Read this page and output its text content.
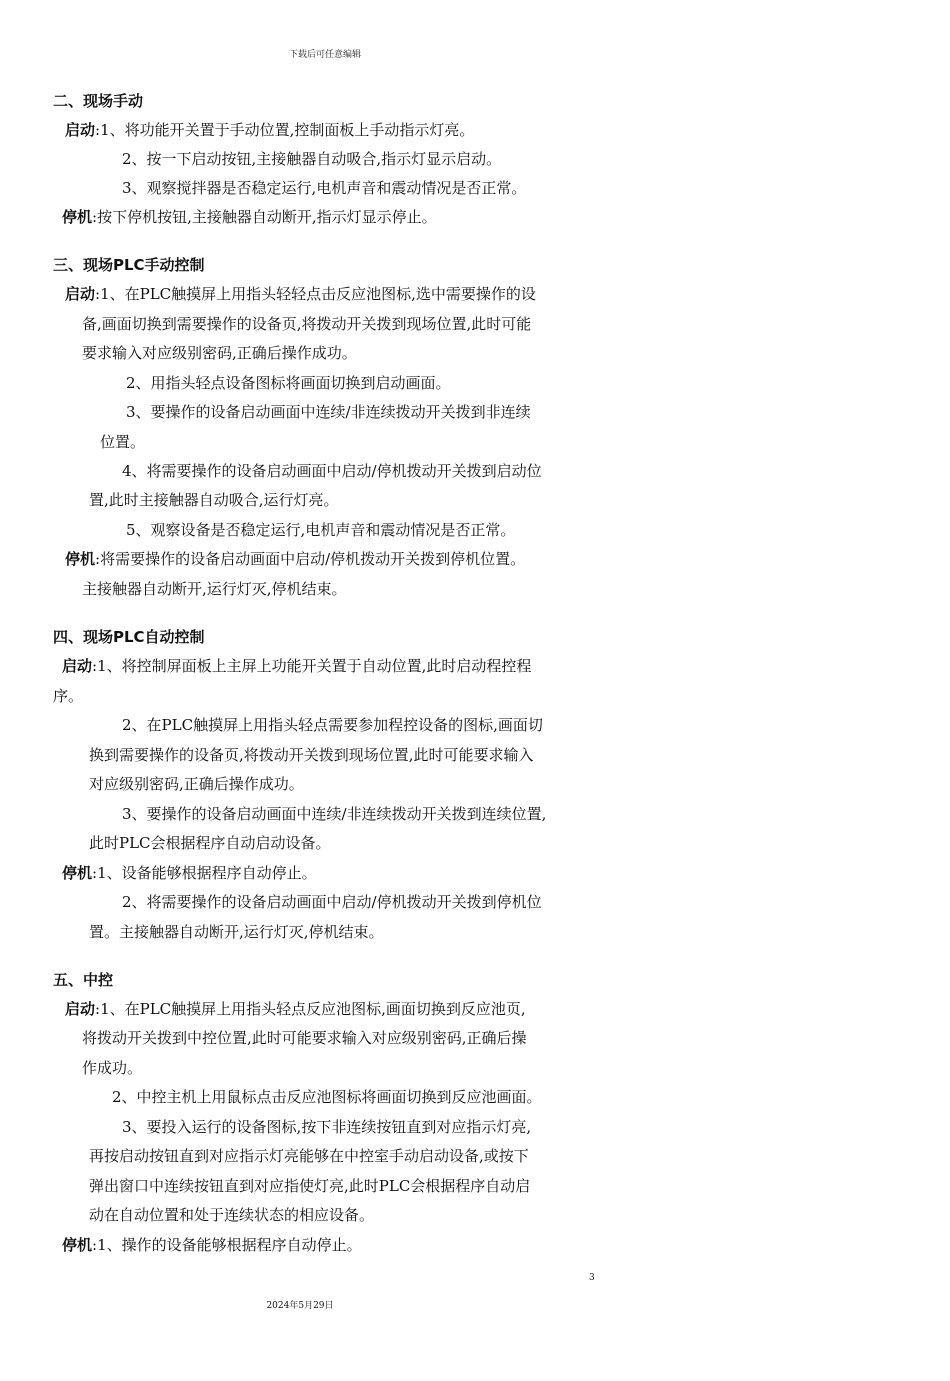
下载后可任意编辑
二、现场手动
启动:1、将功能开关置于手动位置,控制面板上手动指示灯亮。
2、按一下启动按钮,主接触器自动吸合,指示灯显示启动。
3、观察搅拌器是否稳定运行,电机声音和震动情况是否正常。
停机:按下停机按钮,主接触器自动断开,指示灯显示停止。
三、现场PLC手动控制
启动:1、在PLC触摸屏上用指头轻轻点击反应池图标,选中需要操作的设
备,画面切换到需要操作的设备页,将拨动开关拨到现场位置,此时可能
要求输入对应级别密码,正确后操作成功。
2、用指头轻点设备图标将画面切换到启动画面。
3、要操作的设备启动画面中连续/非连续拨动开关拨到非连续
位置。
4、将需要操作的设备启动画面中启动/停机拨动开关拨到启动位
置,此时主接触器自动吸合,运行灯亮。
5、观察设备是否稳定运行,电机声音和震动情况是否正常。
停机:将需要操作的设备启动画面中启动/停机拨动开关拨到停机位置。
主接触器自动断开,运行灯灭,停机结束。
四、现场PLC自动控制
启动:1、将控制屏面板上主屏上功能开关置于自动位置,此时启动程控程
序。
2、在PLC触摸屏上用指头轻点需要参加程控设备的图标,画面切
换到需要操作的设备页,将拨动开关拨到现场位置,此时可能要求输入
对应级别密码,正确后操作成功。
3、要操作的设备启动画面中连续/非连续拨动开关拨到连续位置,
此时PLC会根据程序自动启动设备。
停机:1、设备能够根据程序自动停止。
2、将需要操作的设备启动画面中启动/停机拨动开关拨到停机位
置。主接触器自动断开,运行灯灭,停机结束。
五、中控
启动:1、在PLC触摸屏上用指头轻点反应池图标,画面切换到反应池页,
将拨动开关拨到中控位置,此时可能要求输入对应级别密码,正确后操
作成功。
2、中控主机上用鼠标点击反应池图标将画面切换到反应池画面。
3、要投入运行的设备图标,按下非连续按钮直到对应指示灯亮,
再按启动按钮直到对应指示灯亮能够在中控室手动启动设备,或按下
弹出窗口中连续按钮直到对应指使灯亮,此时PLC会根据程序自动启
动在自动位置和处于连续状态的相应设备。
停机:1、操作的设备能够根据程序自动停止。
3
2024年5月29日
